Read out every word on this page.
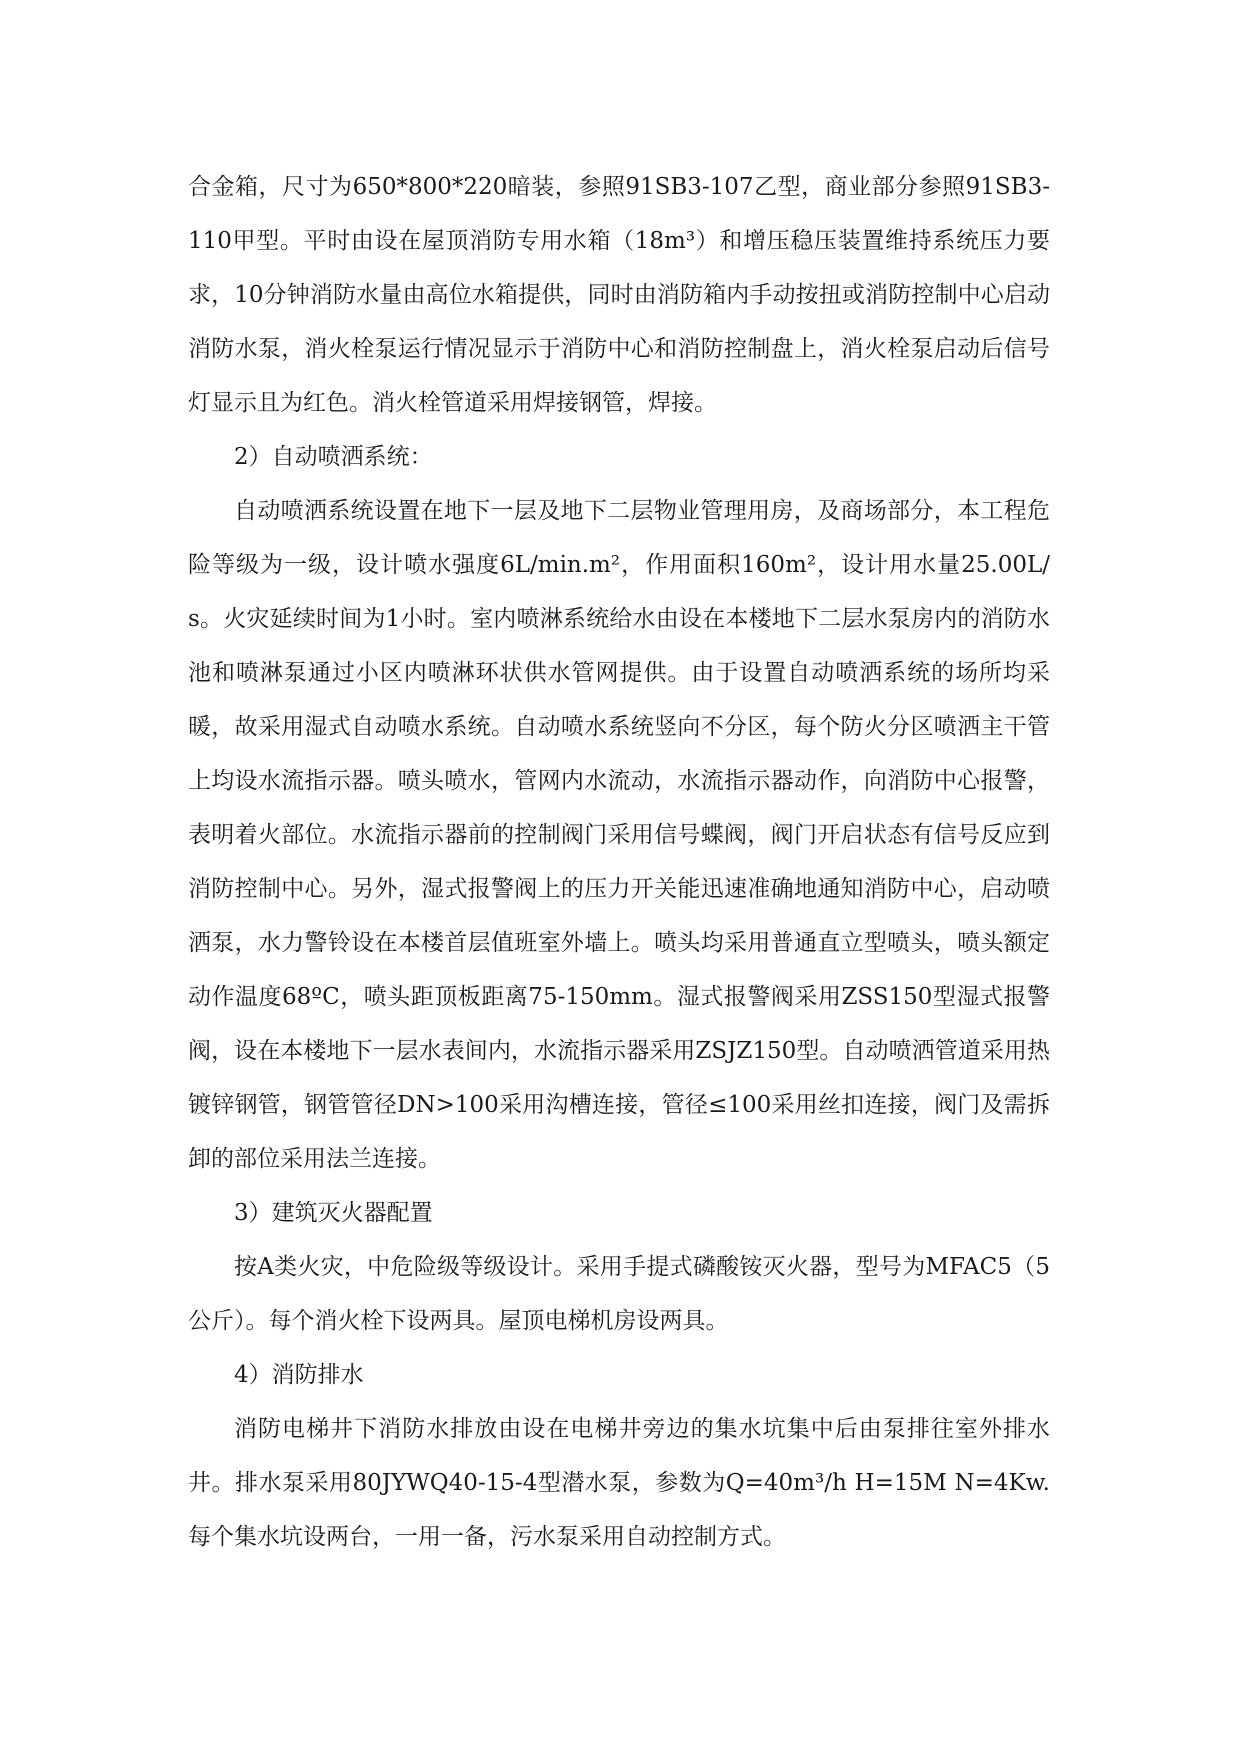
合金箱，尺寸为650*800*220暗装，参照91SB3-107乙型，商业部分参照91SB3-110甲型。平时由设在屋顶消防专用水箱（18m³）和增压稳压装置维持系统压力要求，10分钟消防水量由高位水箱提供，同时由消防箱内手动按扭或消防控制中心启动消防水泵，消火栓泵运行情况显示于消防中心和消防控制盘上，消火栓泵启动后信号灯显示且为红色。消火栓管道采用焊接钢管，焊接。

2）自动喷洒系统：

自动喷洒系统设置在地下一层及地下二层物业管理用房，及商场部分，本工程危险等级为一级，设计喷水强度6L/min.m²，作用面积160m²，设计用水量25.00L/s。火灾延续时间为1小时。室内喷淋系统给水由设在本楼地下二层水泵房内的消防水池和喷淋泵通过小区内喷淋环状供水管网提供。由于设置自动喷洒系统的场所均采暖，故采用湿式自动喷水系统。自动喷水系统竖向不分区，每个防火分区喷洒主干管上均设水流指示器。喷头喷水，管网内水流动，水流指示器动作，向消防中心报警，表明着火部位。水流指示器前的控制阀门采用信号蝶阀，阀门开启状态有信号反应到消防控制中心。另外，湿式报警阀上的压力开关能迅速准确地通知消防中心，启动喷洒泵，水力警铃设在本楼首层值班室外墙上。喷头均采用普通直立型喷头，喷头额定动作温度68ºC，喷头距顶板距离75-150mm。湿式报警阀采用ZSS150型湿式报警阀，设在本楼地下一层水表间内，水流指示器采用ZSJZ150型。自动喷洒管道采用热镀锌钢管，钢管管径DN>100采用沟槽连接，管径≤100采用丝扣连接，阀门及需拆卸的部位采用法兰连接。

3）建筑灭火器配置

按A类火灾，中危险级等级设计。采用手提式磷酸铵灭火器，型号为MFAC5（5公斤）。每个消火栓下设两具。屋顶电梯机房设两具。

4）消防排水

消防电梯井下消防水排放由设在电梯井旁边的集水坑集中后由泵排往室外排水井。排水泵采用80JYWQ40-15-4型潜水泵，参数为Q=40m³/h H=15M N=4Kw.每个集水坑设两台，一用一备，污水泵采用自动控制方式。
